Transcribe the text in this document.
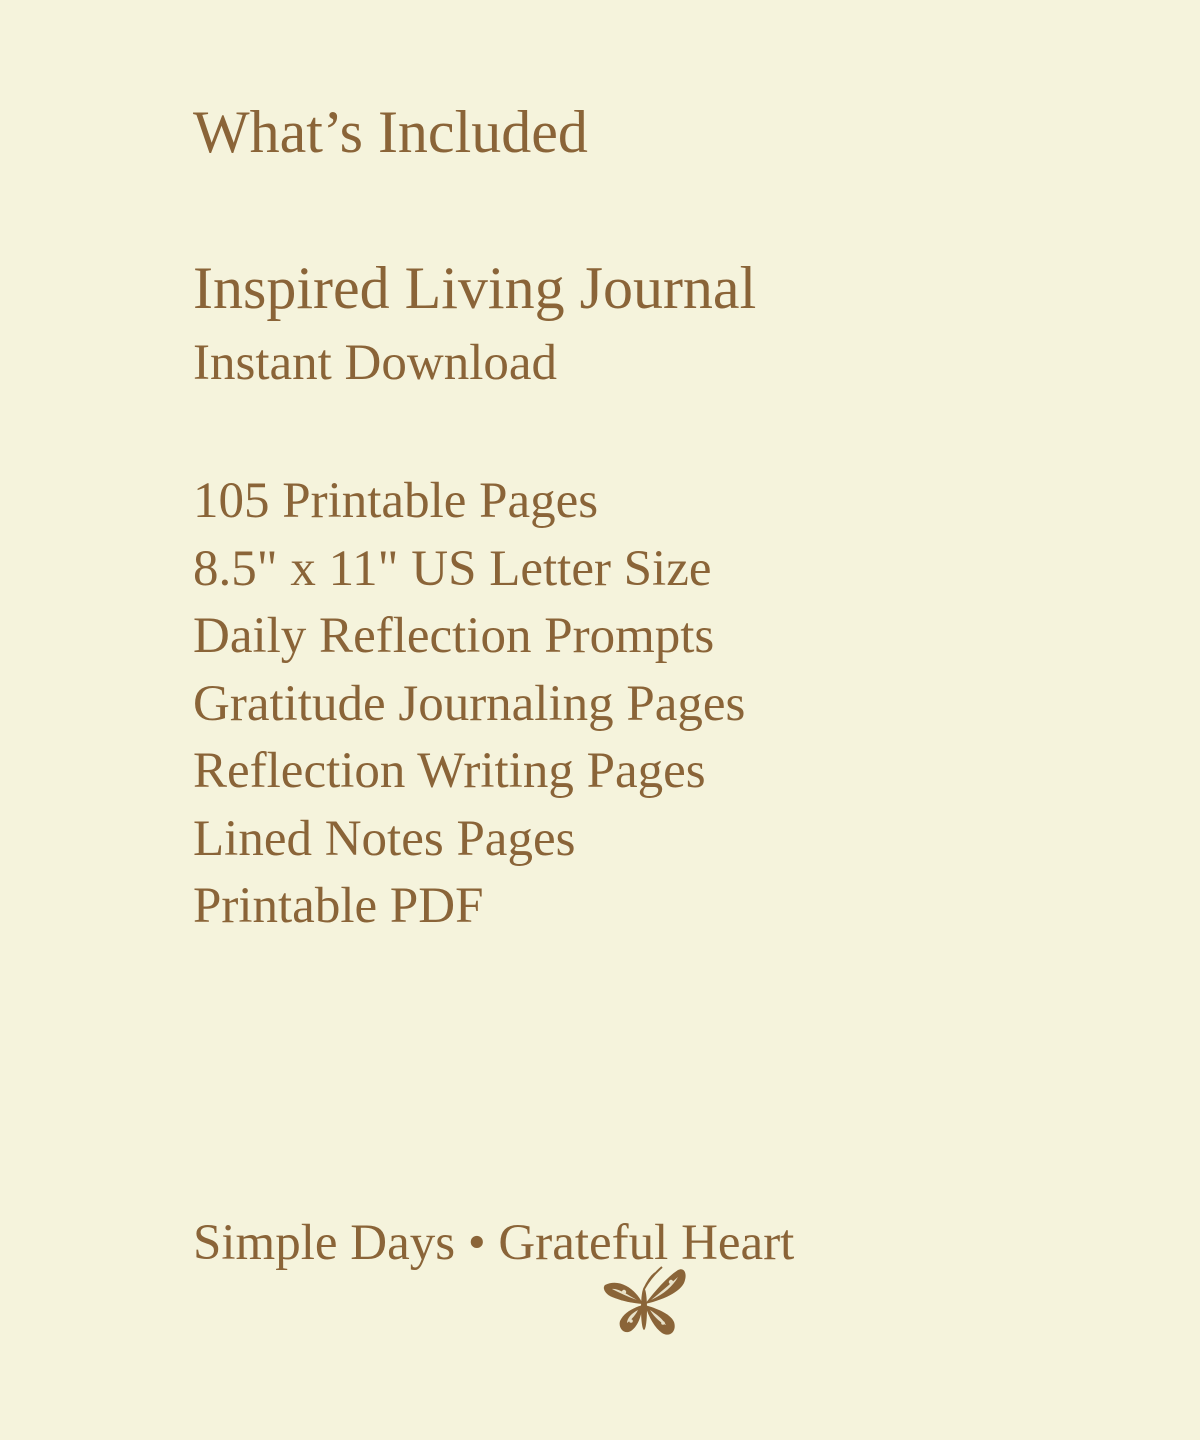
What’s Included
Inspired Living Journal
Instant Download
105 Printable Pages
8.5" x 11" US Letter Size
Daily Reflection Prompts
Gratitude Journaling Pages
Reflection Writing Pages
Lined Notes Pages
Printable PDF
Simple Days • Grateful Heart
